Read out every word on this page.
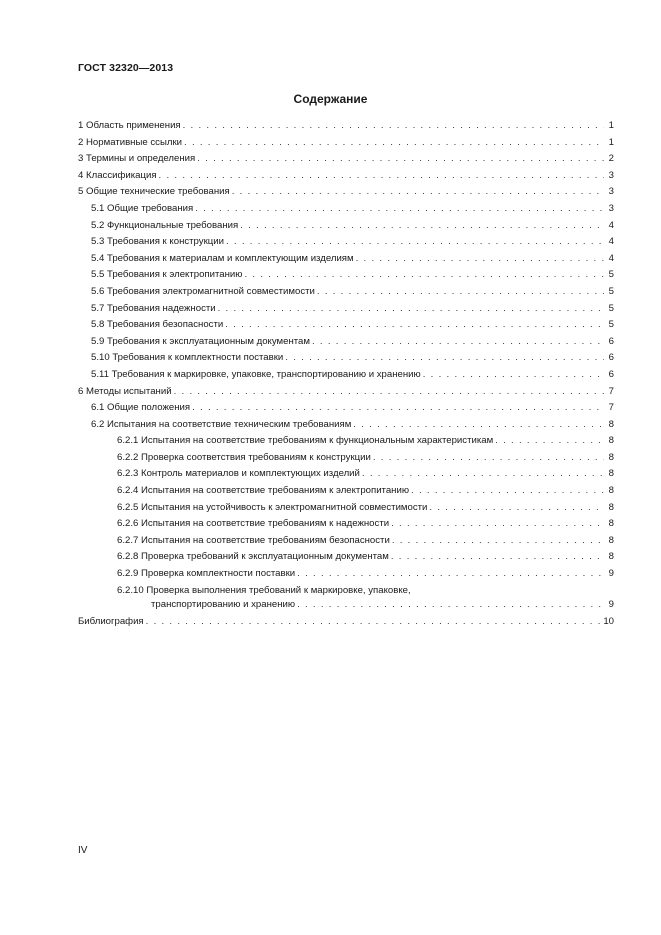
ГОСТ 32320—2013
Содержание
1 Область применения . . .	1
2 Нормативные ссылки . . .	1
3 Термины и определения . . .	2
4 Классификация . . .	3
5 Общие технические требования . . .	3
5.1 Общие требования . . .	3
5.2 Функциональные требования . . .	4
5.3 Требования к конструкции . . .	4
5.4 Требования к материалам и комплектующим изделиям . . .	4
5.5 Требования к электропитанию . . .	5
5.6 Требования электромагнитной совместимости . . .	5
5.7 Требования надежности . . .	5
5.8 Требования безопасности . . .	5
5.9 Требования к эксплуатационным документам . . .	6
5.10 Требования к комплектности поставки . . .	6
5.11 Требования к маркировке, упаковке, транспортированию и хранению . . .	6
6 Методы испытаний . . .	7
6.1 Общие положения . . .	7
6.2 Испытания на соответствие техническим требованиям . . .	8
6.2.1 Испытания на соответствие требованиям к функциональным характеристикам . . .	8
6.2.2 Проверка соответствия требованиям к конструкции . . .	8
6.2.3 Контроль материалов и комплектующих изделий . . .	8
6.2.4 Испытания на соответствие требованиям к электропитанию . . .	8
6.2.5 Испытания на устойчивость к электромагнитной совместимости . . .	8
6.2.6 Испытания на соответствие требованиям к надежности . . .	8
6.2.7 Испытания на соответствие требованиям безопасности . . .	8
6.2.8 Проверка требований к эксплуатационным документам . . .	8
6.2.9 Проверка комплектности поставки . . .	9
6.2.10 Проверка выполнения требований к маркировке, упаковке,
транспортированию и хранению . . .	9
Библиография . . .	10
IV
